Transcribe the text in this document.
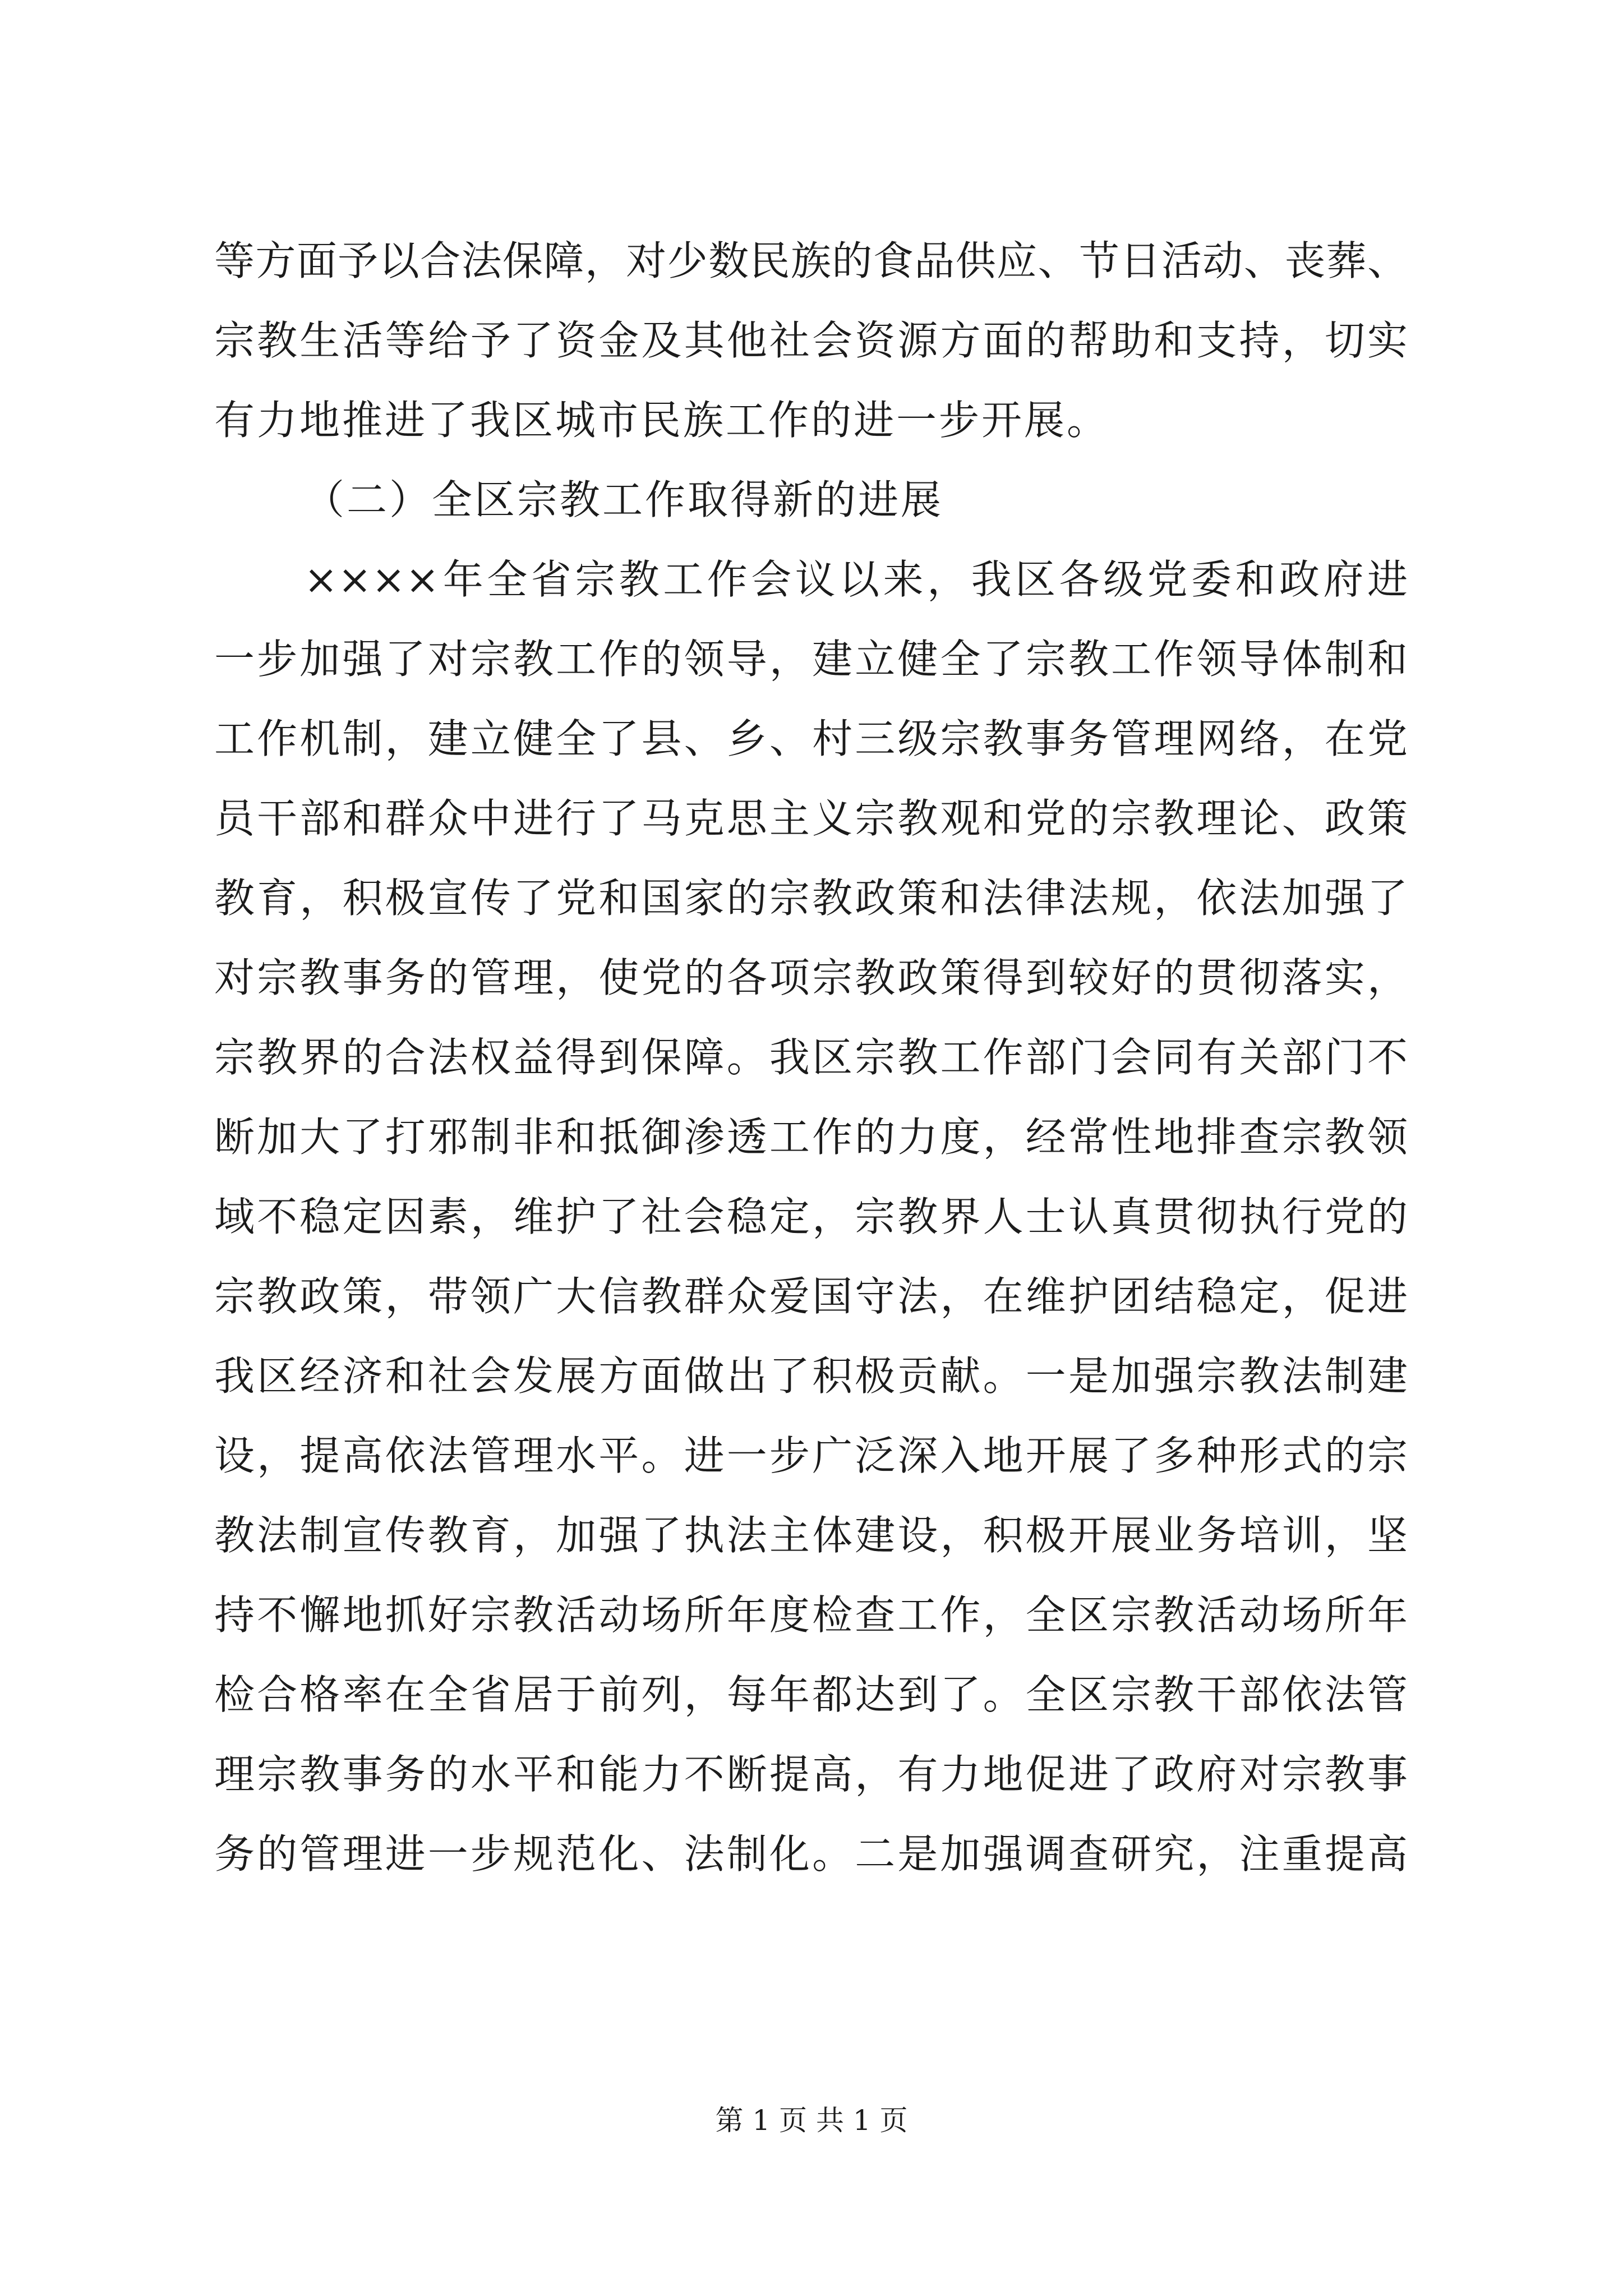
等方面予以合法保障，对少数民族的食品供应、节日活动、丧葬、
宗教生活等给予了资金及其他社会资源方面的帮助和支持，切实
有力地推进了我区城市民族工作的进一步开展。
（二）全区宗教工作取得新的进展
××××年全省宗教工作会议以来，我区各级党委和政府进
一步加强了对宗教工作的领导，建立健全了宗教工作领导体制和
工作机制，建立健全了县、乡、村三级宗教事务管理网络，在党
员干部和群众中进行了马克思主义宗教观和党的宗教理论、政策
教育，积极宣传了党和国家的宗教政策和法律法规，依法加强了
对宗教事务的管理，使党的各项宗教政策得到较好的贯彻落实，
宗教界的合法权益得到保障。我区宗教工作部门会同有关部门不
断加大了打邪制非和抵御渗透工作的力度，经常性地排查宗教领
域不稳定因素，维护了社会稳定，宗教界人士认真贯彻执行党的
宗教政策，带领广大信教群众爱国守法，在维护团结稳定，促进
我区经济和社会发展方面做出了积极贡献。一是加强宗教法制建
设，提高依法管理水平。进一步广泛深入地开展了多种形式的宗
教法制宣传教育，加强了执法主体建设，积极开展业务培训，坚
持不懈地抓好宗教活动场所年度检查工作，全区宗教活动场所年
检合格率在全省居于前列，每年都达到了。全区宗教干部依法管
理宗教事务的水平和能力不断提高，有力地促进了政府对宗教事
务的管理进一步规范化、法制化。二是加强调查研究，注重提高
第 1 页 共 1 页
